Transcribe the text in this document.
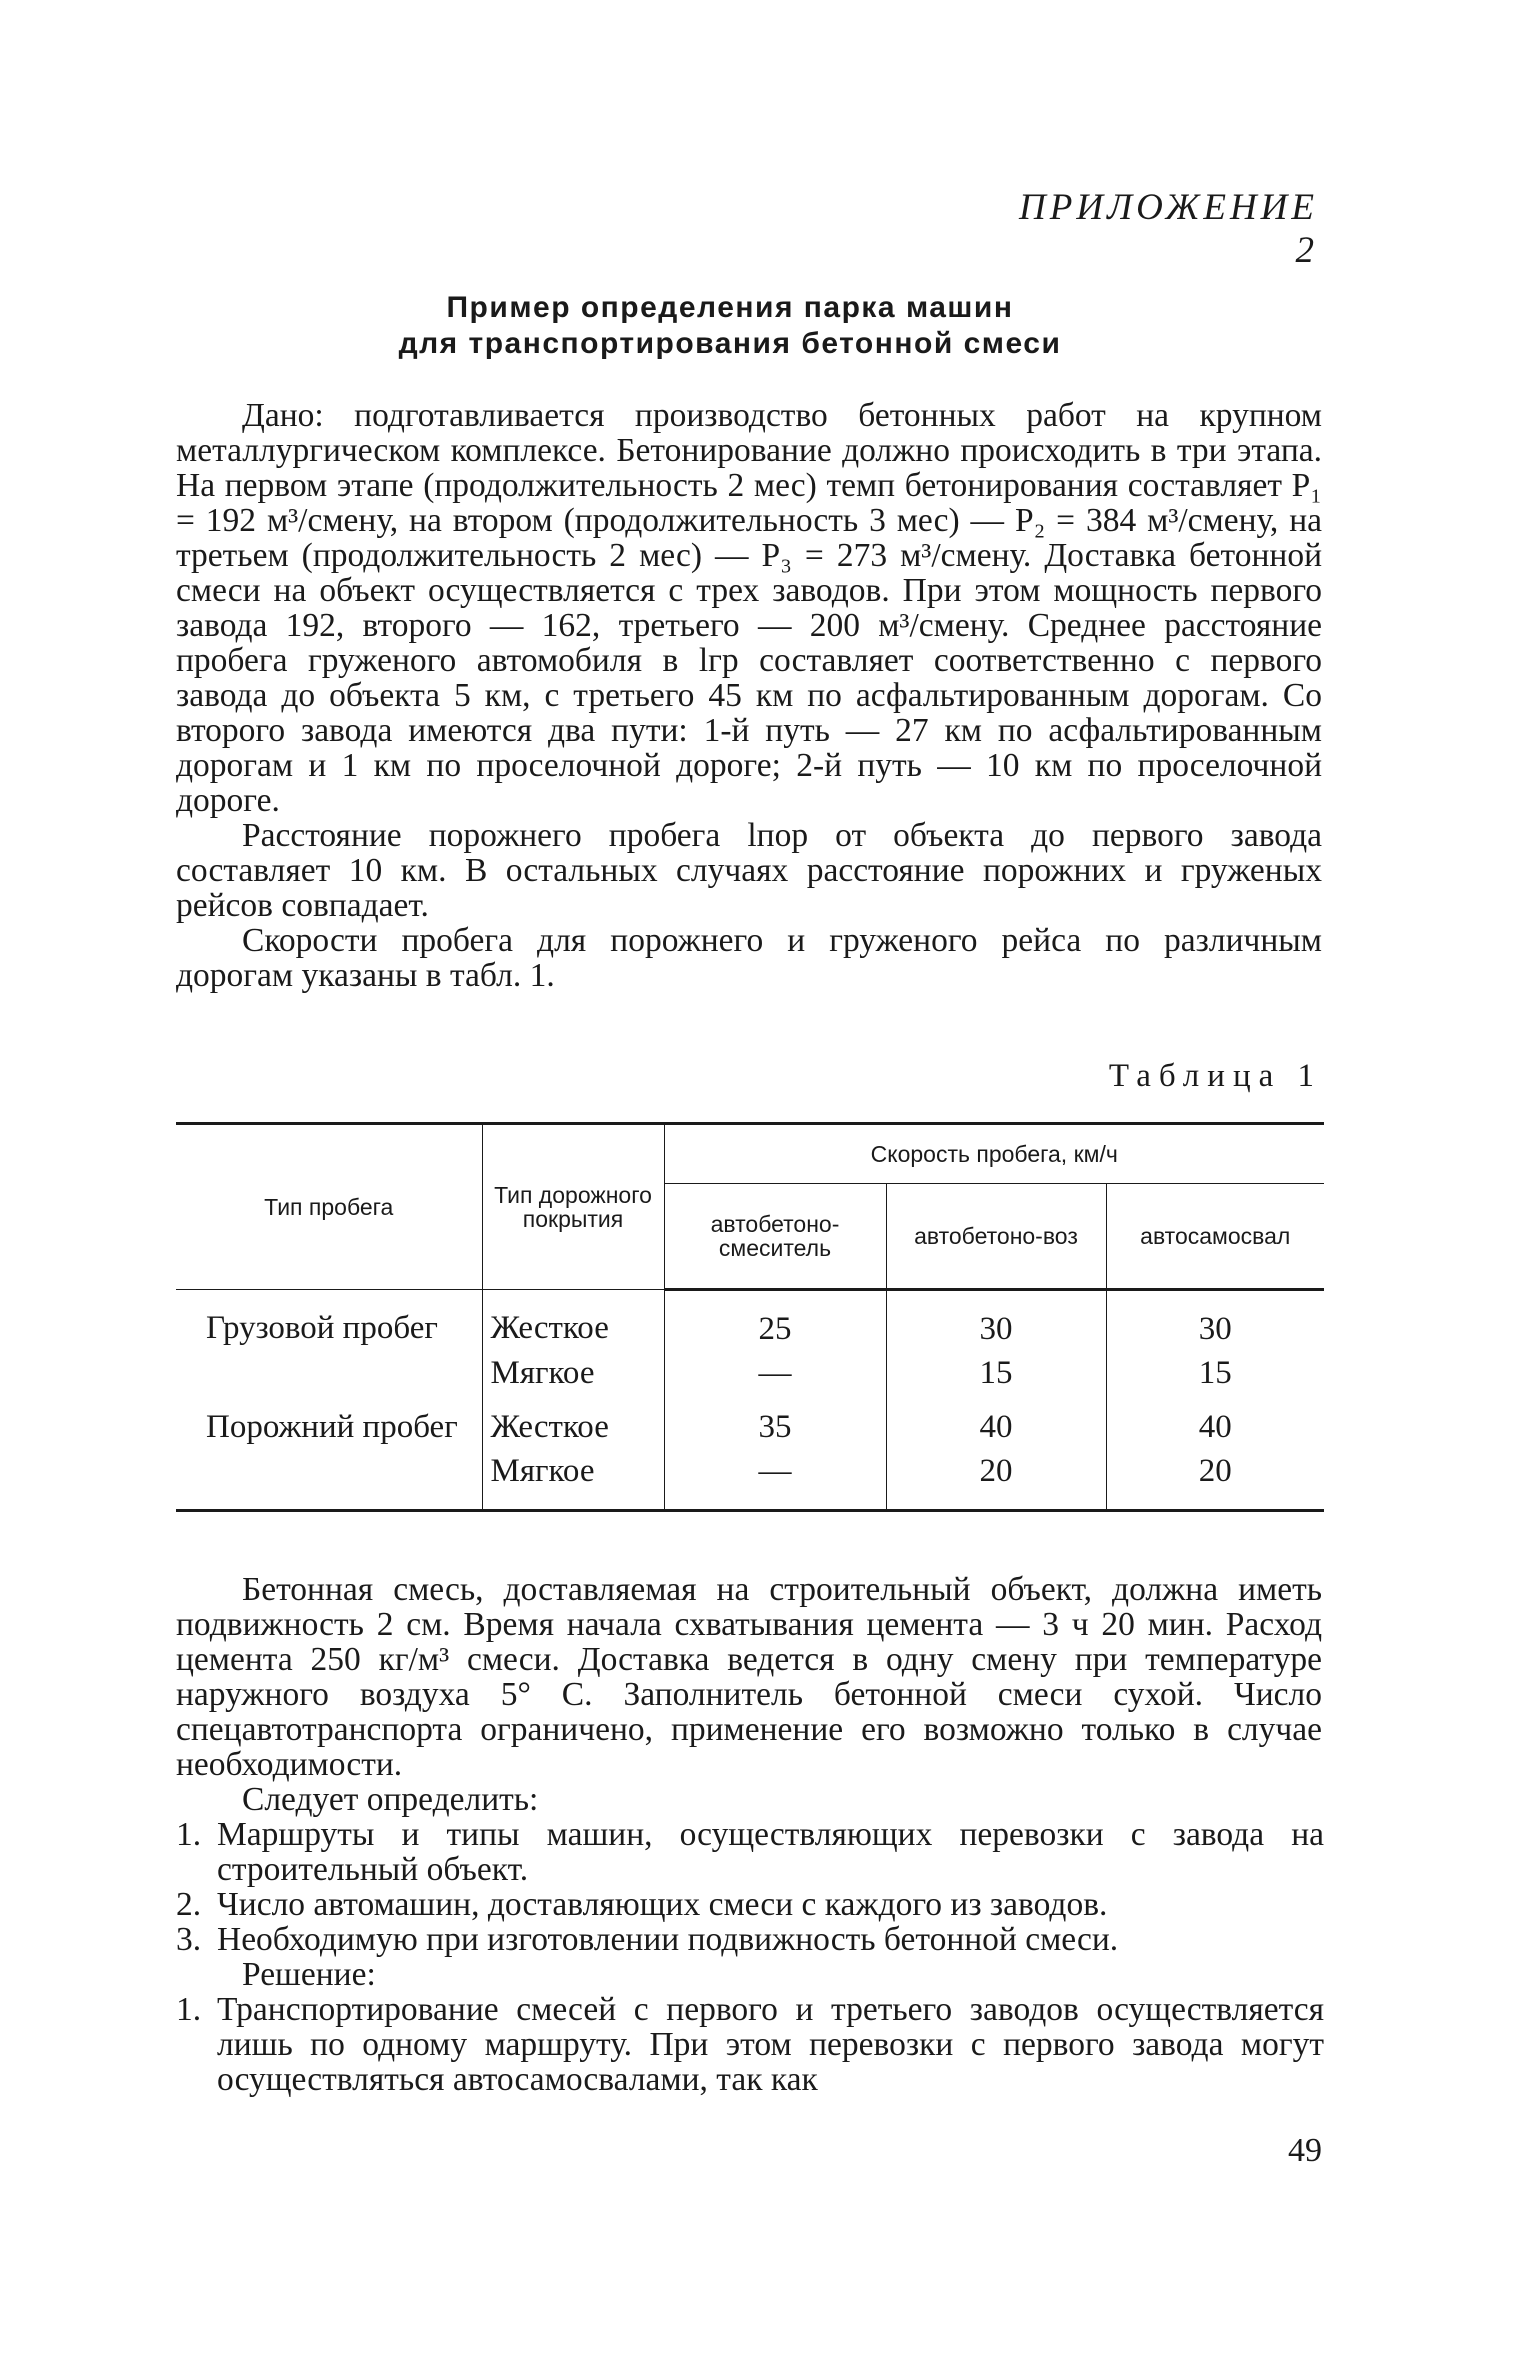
ПРИЛОЖЕНИЕ 2
Пример определения парка машин
для транспортирования бетонной смеси

Дано: подготавливается производство бетонных работ на крупном металлургическом комплексе. Бетонирование должно происходить в три этапа. На первом этапе (продолжительность 2 мес) темп бетонирования составляет P₁ = 192 м³/смену, на втором (продолжительность 3 мес) — P₂ = 384 м³/смену, на третьем (продолжительность 2 мес) — P₃ = 273 м³/смену. Доставка бетонной смеси на объект осуществляется с трех заводов. При этом мощность первого завода 192, второго — 162, третьего — 200 м³/смену. Среднее расстояние пробега груженого автомобиля в lгр составляет соответственно с первого завода до объекта 5 км, с третьего 45 км по асфальтированным дорогам. Со второго завода имеются два пути: 1-й путь — 27 км по асфальтированным дорогам и 1 км по проселочной дороге; 2-й путь — 10 км по проселочной дороге.

Расстояние порожнего пробега lпор от объекта до первого завода составляет 10 км. В остальных случаях расстояние порожних и груженых рейсов совпадает.

Скорости пробега для порожнего и груженого рейса по различным дорогам указаны в табл. 1.

Таблица 1
Тип пробега	Тип дорожного покрытия	Скорость пробега, км/ч		
		автобетоно-смеситель	автобетоно-воз	автосамосвал
Грузовой пробег	Жесткое	25	30	30
	Мягкое	—	15	15
Порожний пробег	Жесткое	35	40	40
	Мягкое	—	20	20

Бетонная смесь, доставляемая на строительный объект, должна иметь подвижность 2 см. Время начала схватывания цемента — 3 ч 20 мин. Расход цемента 250 кг/м³ смеси. Доставка ведется в одну смену при температуре наружного воздуха 5° С. Заполнитель бетонной смеси сухой. Число спецавтотранспорта ограничено, применение его возможно только в случае необходимости.

Следует определить:
1. Маршруты и типы машин, осуществляющих перевозки с завода на строительный объект.
2. Число автомашин, доставляющих смеси с каждого из заводов.
3. Необходимую при изготовлении подвижность бетонной смеси.
Решение:
1. Транспортирование смесей с первого и третьего заводов осуществляется лишь по одному маршруту. При этом перевозки с первого завода могут осуществляться автосамосвалами, так как
49
